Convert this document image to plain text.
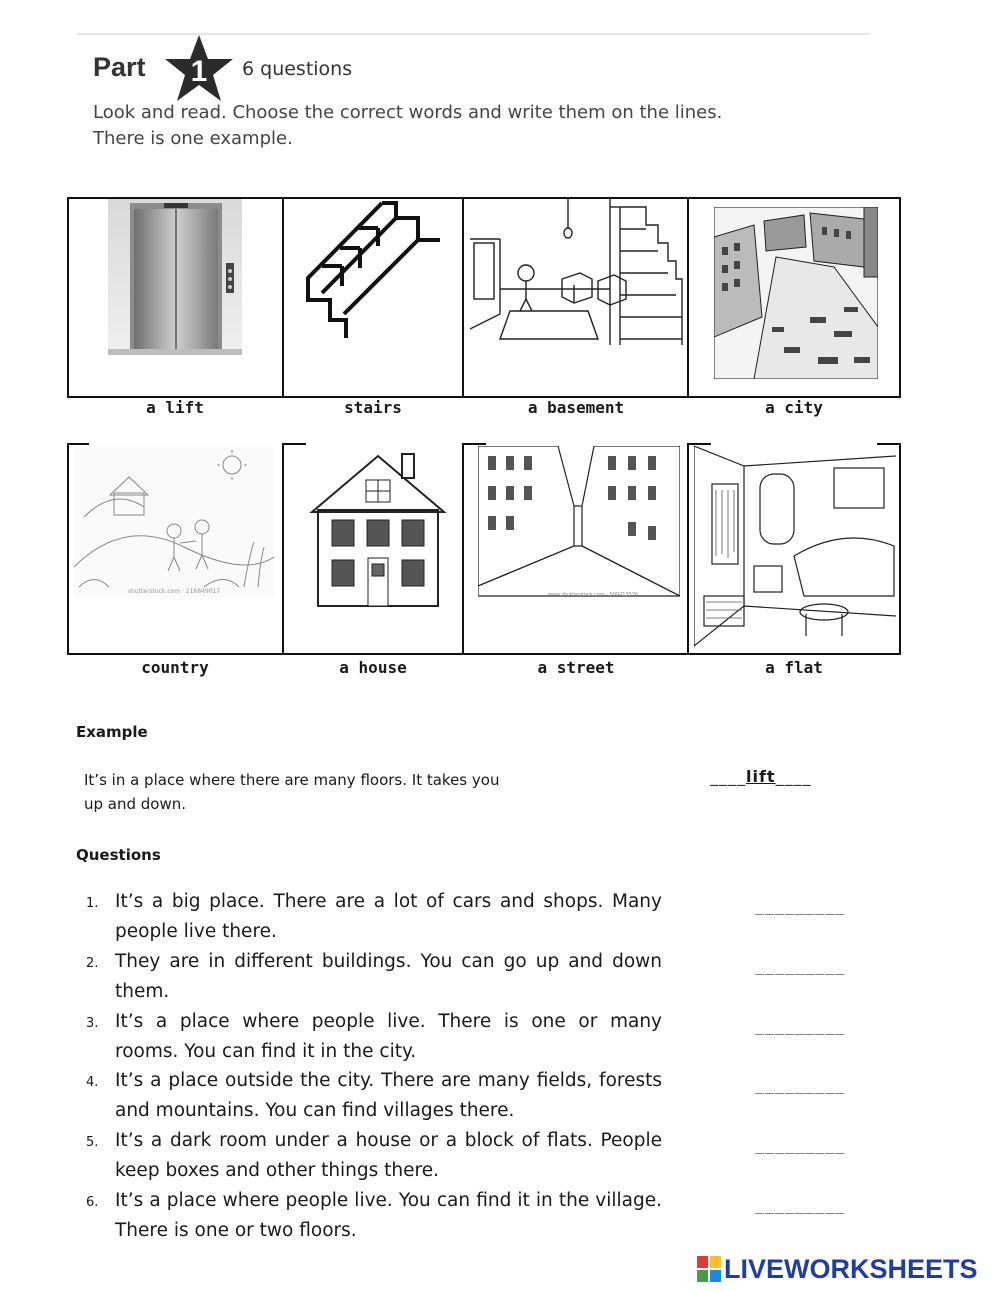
Part 1 6 questions
Look and read. Choose the correct words and write them on the lines.
There is one example.
a lift	stairs	a basement	a city
shutterstock.com · 216849017	www.shutterstock.com · 509713576
country	a house	a street	a flat
Example
It’s in a place where there are many floors. It takes you
up and down.
____lift____
Questions
1. It’s a big place. There are a lot of cars and shops. Many people live there.
_________
2. They are in different buildings. You can go up and down them.
_________
3. It’s a place where people live. There is one or many rooms. You can find it in the city.
_________
4. It’s a place outside the city. There are many fields, forests and mountains. You can find villages there.
_________
5. It’s a dark room under a house or a block of flats. People keep boxes and other things there.
_________
6. It’s a place where people live. You can find it in the village. There is one or two floors.
_________
LIVEWORKSHEETS
